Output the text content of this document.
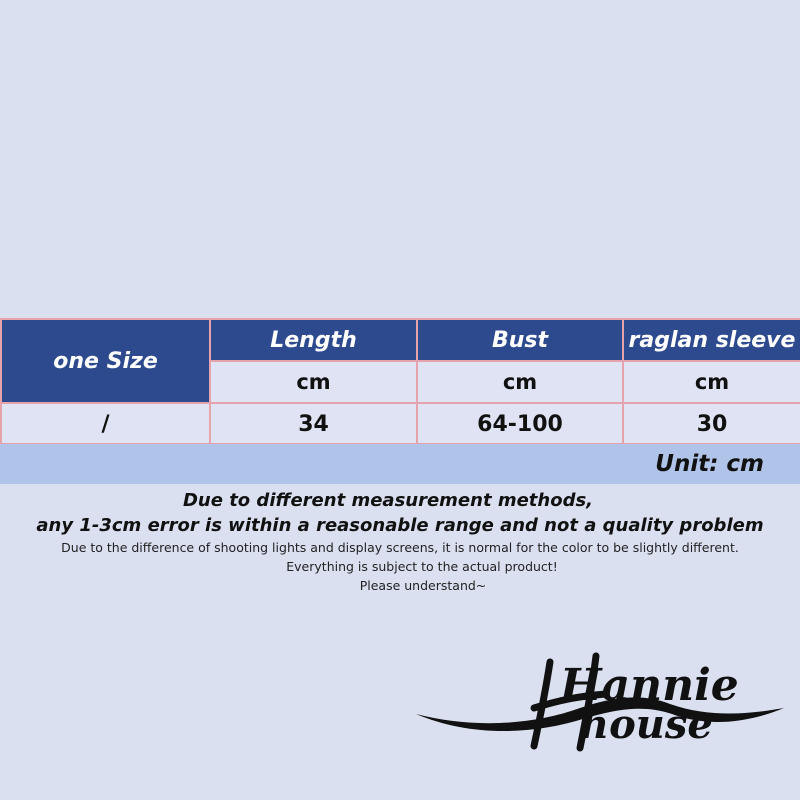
one Size	Length	Bust	raglan sleeve
	cm	cm	cm
/	34	64-100	30
Unit: cm
Due to different measurement methods,
any 1-3cm error is within a reasonable range and not a quality problem
Due to the difference of shooting lights and display screens, it is normal for the color to be slightly different.
Everything is subject to the actual product!
Please understand~
Hannie
house
